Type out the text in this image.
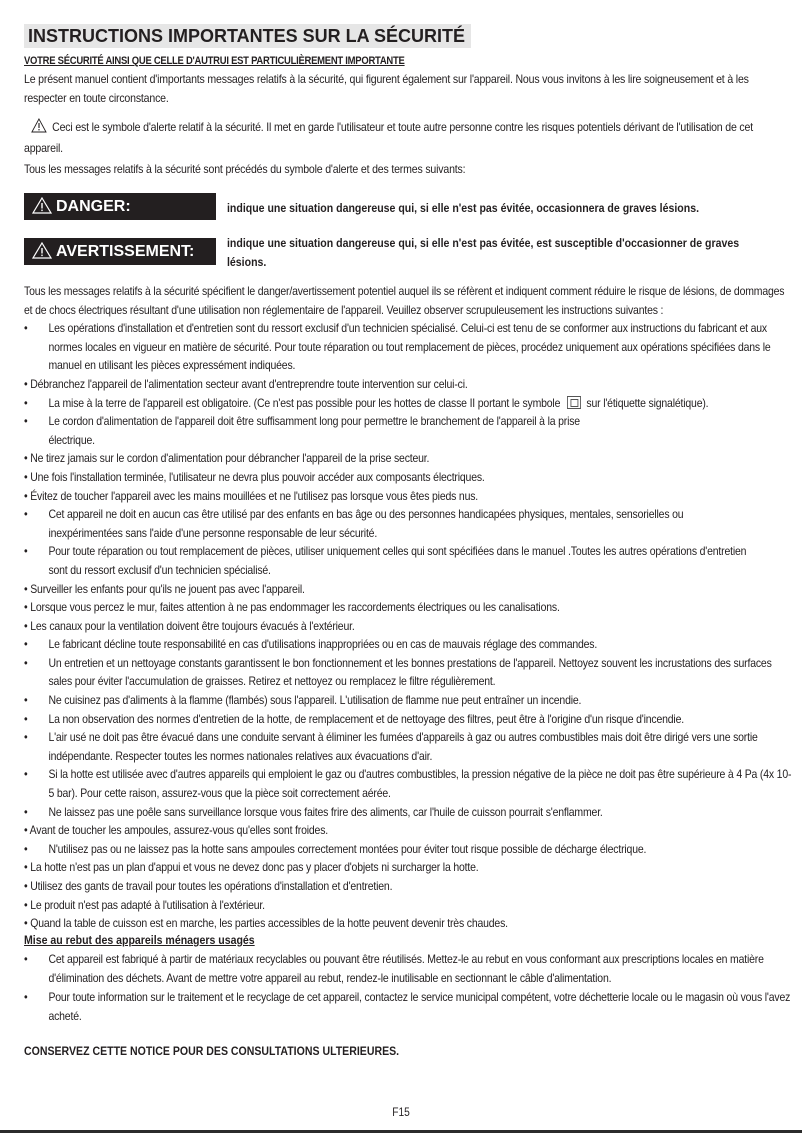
INSTRUCTIONS IMPORTANTES SUR LA SÉCURITÉ
VOTRE SÉCURITÉ AINSI QUE CELLE D'AUTRUI EST PARTICULIÈREMENT IMPORTANTE
Le présent manuel contient d'importants messages relatifs à la sécurité, qui figurent également sur l'appareil. Nous vous invitons à les lire soigneusement et à les respecter en toute circonstance.
Ceci est le symbole d'alerte relatif à la sécurité. Il met en garde l'utilisateur et toute autre personne contre les risques potentiels dérivant de l'utilisation de cet appareil.
Tous les messages relatifs à la sécurité sont précédés du symbole d'alerte et des termes suivants:
DANGER:	indique une situation dangereuse qui, si elle n'est pas évitée, occasionnera de graves lésions.
AVERTISSEMENT:	indique une situation dangereuse qui, si elle n'est pas évitée, est susceptible d'occasionner de graves lésions.
Tous les messages relatifs à la sécurité spécifient le danger/avertissement potentiel auquel ils se réfèrent et indiquent comment réduire le risque de lésions, de dommages et de chocs électriques résultant d'une utilisation non réglementaire de l'appareil. Veuillez observer scrupuleusement les instructions suivantes :
• Les opérations d'installation et d'entretien sont du ressort exclusif d'un technicien spécialisé. Celui-ci est tenu de se conformer aux instructions du fabricant et aux normes locales en vigueur en matière de sécurité. Pour toute réparation ou tout remplacement de pièces, procédez uniquement aux opérations spécifiées dans le manuel en utilisant les pièces expressément indiquées.
• Débranchez l'appareil de l'alimentation secteur avant d'entreprendre toute intervention sur celui-ci.
• La mise à la terre de l'appareil est obligatoire. (Ce n'est pas possible pour les hottes de classe II portant le symbole sur l'étiquette signalétique).
• Le cordon d'alimentation de l'appareil doit être suffisamment long pour permettre le branchement de l'appareil à la prise électrique.
• Ne tirez jamais sur le cordon d'alimentation pour débrancher l'appareil de la prise secteur.
• Une fois l'installation terminée, l'utilisateur ne devra plus pouvoir accéder aux composants électriques.
• Évitez de toucher l'appareil avec les mains mouillées et ne l'utilisez pas lorsque vous êtes pieds nus.
• Cet appareil ne doit en aucun cas être utilisé par des enfants en bas âge ou des personnes handicapées physiques, mentales, sensorielles ou inexpérimentées sans l'aide d'une personne responsable de leur sécurité.
• Pour toute réparation ou tout remplacement de pièces, utiliser uniquement celles qui sont spécifiées dans le manuel .Toutes les autres opérations d'entretien sont du ressort exclusif d'un technicien spécialisé.
• Surveiller les enfants pour qu'ils ne jouent pas avec l'appareil.
• Lorsque vous percez le mur, faites attention à ne pas endommager les raccordements électriques ou les canalisations.
• Les canaux pour la ventilation doivent être toujours évacués à l'extérieur.
• Le fabricant décline toute responsabilité en cas d'utilisations inappropriées ou en cas de mauvais réglage des commandes.
• Un entretien et un nettoyage constants garantissent le bon fonctionnement et les bonnes prestations de l'appareil. Nettoyez souvent les incrustations des surfaces sales pour éviter l'accumulation de graisses. Retirez et nettoyez ou remplacez le filtre régulièrement.
• Ne cuisinez pas d'aliments à la flamme (flambés) sous l'appareil. L'utilisation de flamme nue peut entraîner un incendie.
• La non observation des normes d'entretien de la hotte, de remplacement et de nettoyage des filtres, peut être à l'origine d'un risque d'incendie.
• L'air usé ne doit pas être évacué dans une conduite servant à éliminer les fumées d'appareils à gaz ou autres combustibles mais doit être dirigé vers une sortie indépendante. Respecter toutes les normes nationales relatives aux évacuations d'air.
• Si la hotte est utilisée avec d'autres appareils qui emploient le gaz ou d'autres combustibles, la pression négative de la pièce ne doit pas être supérieure à 4 Pa (4x 10-5 bar). Pour cette raison, assurez-vous que la pièce soit correctement aérée.
• Ne laissez pas une poêle sans surveillance lorsque vous faites frire des aliments, car l'huile de cuisson pourrait s'enflammer.
• Avant de toucher les ampoules, assurez-vous qu'elles sont froides.
• N'utilisez pas ou ne laissez pas la hotte sans ampoules correctement montées pour éviter tout risque possible de décharge électrique.
• La hotte n'est pas un plan d'appui et vous ne devez donc pas y placer d'objets ni surcharger la hotte.
• Utilisez des gants de travail pour toutes les opérations d'installation et d'entretien.
• Le produit n'est pas adapté à l'utilisation à l'extérieur.
• Quand la table de cuisson est en marche, les parties accessibles de la hotte peuvent devenir très chaudes.
Mise au rebut des appareils ménagers usagés
• Cet appareil est fabriqué à partir de matériaux recyclables ou pouvant être réutilisés. Mettez-le au rebut en vous conformant aux prescriptions locales en matière d'élimination des déchets. Avant de mettre votre appareil au rebut, rendez-le inutilisable en sectionnant le câble d'alimentation.
• Pour toute information sur le traitement et le recyclage de cet appareil, contactez le service municipal compétent, votre déchetterie locale ou le magasin où vous l'avez acheté.
CONSERVEZ CETTE NOTICE POUR DES CONSULTATIONS ULTERIEURES.
F15
